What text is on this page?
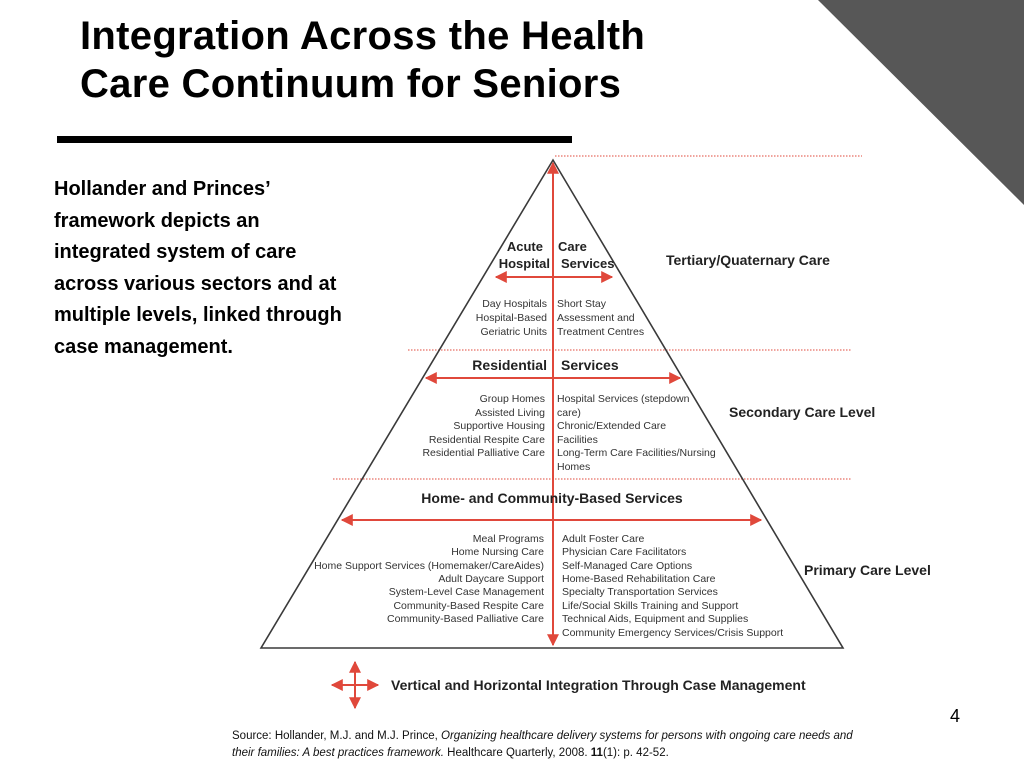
Integration Across the Health
Care Continuum for Seniors

Hollander and Princes’ framework depicts an integrated system of care across various sectors and at multiple levels, linked through case management.

Acute
Hospital
Care
Services	Tertiary/Quaternary Care
Day Hospitals
Hospital-Based
Geriatric Units
Short Stay
Assessment and
Treatment Centres
Residential Services
Secondary Care Level
Group Homes
Assisted Living
Supportive Housing
Residential Respite Care
Residential Palliative Care
Hospital Services (stepdown
care)
Chronic/Extended Care
Facilities
Long-Term Care Facilities/Nursing
Homes
Home- and Community-Based Services
Primary Care Level
Meal Programs
Home Nursing Care
Home Support Services (Homemaker/CareAides)
Adult Daycare Support
System-Level Case Management
Community-Based Respite Care
Community-Based Palliative Care
Adult Foster Care
Physician Care Facilitators
Self-Managed Care Options
Home-Based Rehabilitation Care
Specialty Transportation Services
Life/Social Skills Training and Support
Technical Aids, Equipment and Supplies
Community Emergency Services/Crisis Support
Vertical and Horizontal Integration Through Case Management
4
Source: Hollander, M.J. and M.J. Prince, Organizing healthcare delivery systems for persons with ongoing care needs and their families: A best practices framework. Healthcare Quarterly, 2008. 11(1): p. 42-52.
